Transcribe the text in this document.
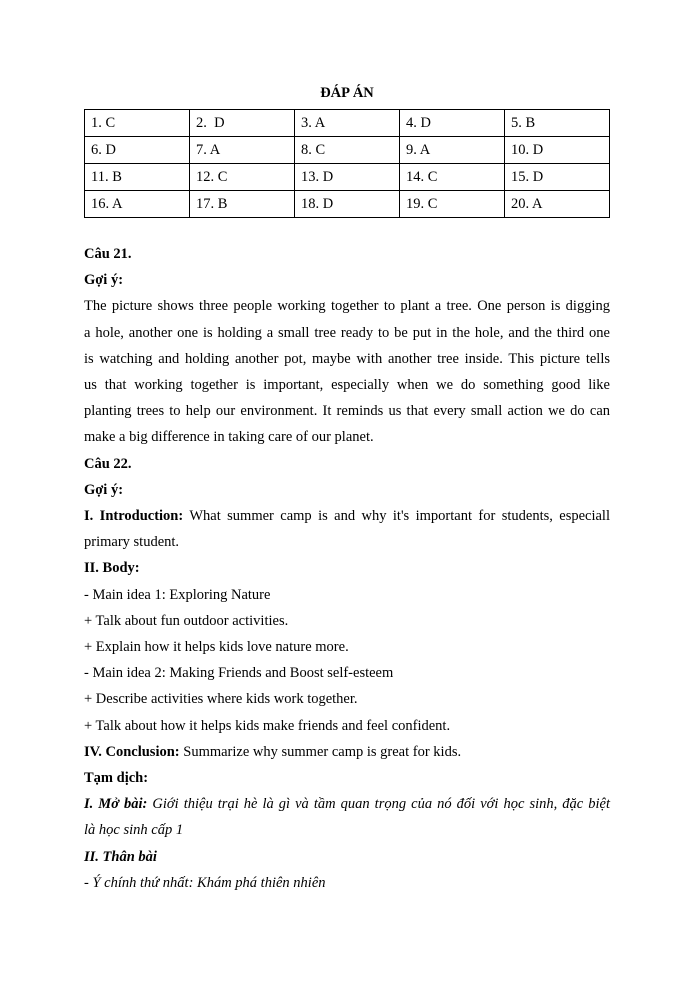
ĐÁP ÁN
1. C	2.  D	3. A	4. D	5. B
6. D	7. A	8. C	9. A	10. D
11. B	12. C	13. D	14. C	15. D
16. A	17. B	18. D	19. C	20. A

Câu 21.

Gợi ý:

The picture shows three people working together to plant a tree. One person is digging

a hole, another one is holding a small tree ready to be put in the hole, and the third one

is watching and holding another pot, maybe with another tree inside. This picture tells

us that working together is important, especially when we do something good like

planting trees to help our environment. It reminds us that every small action we do can

make a big difference in taking care of our planet.

Câu 22.

Gợi ý:

I. Introduction: What summer camp is and why it's important for students, especiall

primary student.

II. Body:

- Main idea 1: Exploring Nature

+ Talk about fun outdoor activities.

+ Explain how it helps kids love nature more.

- Main idea 2: Making Friends and Boost self-esteem

+ Describe activities where kids work together.

+ Talk about how it helps kids make friends and feel confident.

IV. Conclusion: Summarize why summer camp is great for kids.

Tạm dịch:

I. Mở bài: Giới thiệu trại hè là gì và tầm quan trọng của nó đối với học sinh, đặc biệt

là học sinh cấp 1

II. Thân bài

- Ý chính thứ nhất: Khám phá thiên nhiên
